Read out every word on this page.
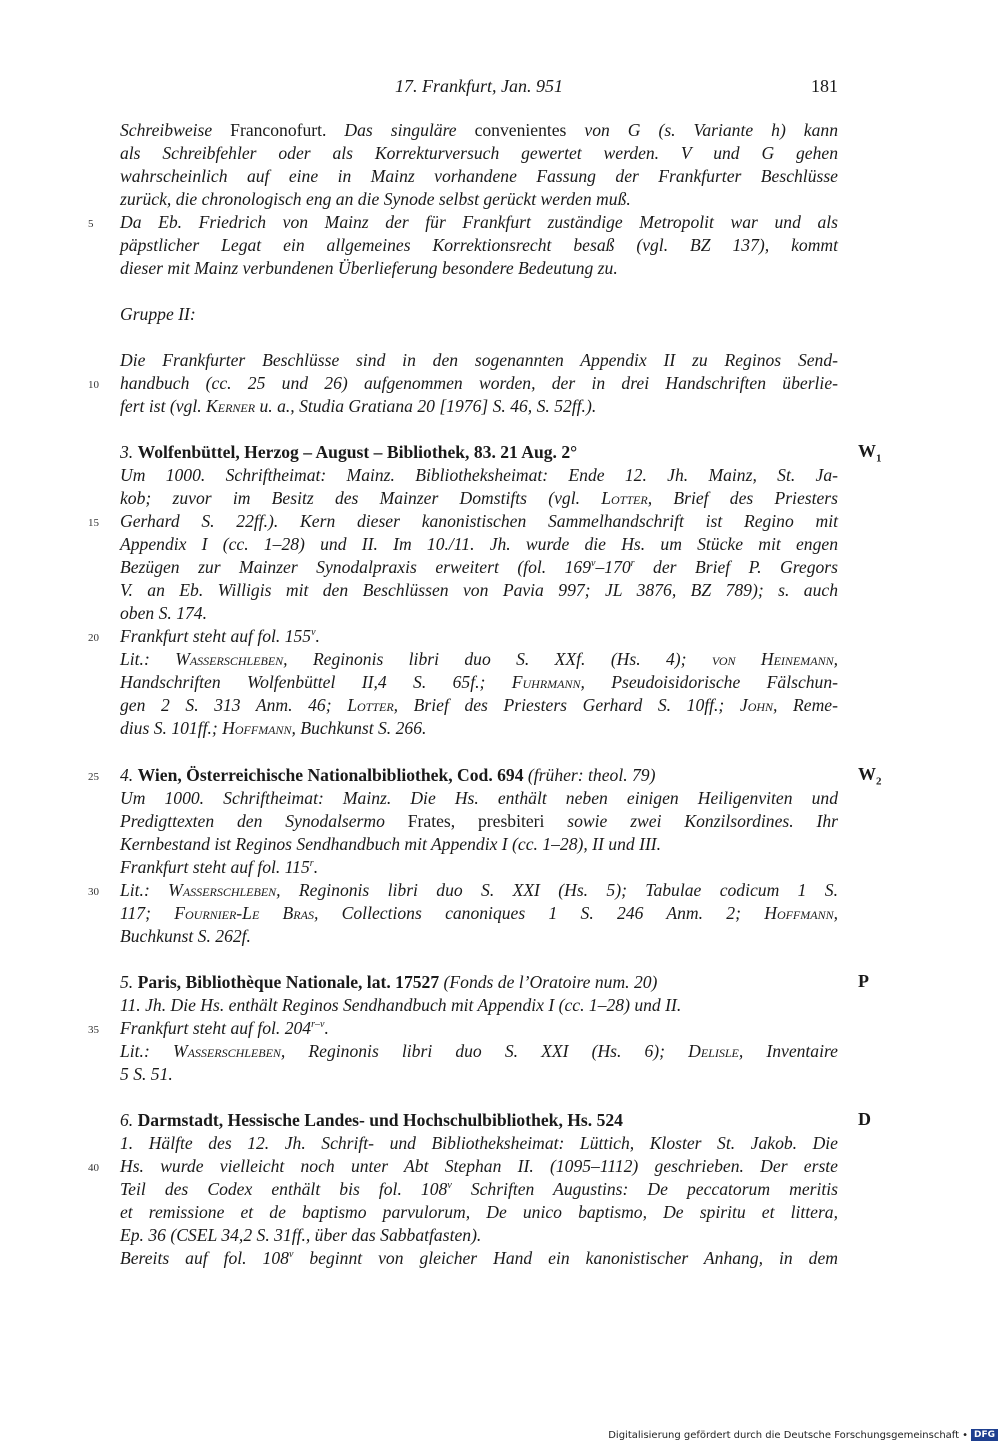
17. Frankfurt, Jan. 951	181
Schreibweise Franconofurt. Das singuläre convenientes von G (s. Variante h) kann
als Schreibfehler oder als Korrekturversuch gewertet werden. V und G gehen
wahrscheinlich auf eine in Mainz vorhandene Fassung der Frankfurter Beschlüsse
zurück, die chronologisch eng an die Synode selbst gerückt werden muß.
5 Da Eb. Friedrich von Mainz der für Frankfurt zuständige Metropolit war und als
päpstlicher Legat ein allgemeines Korrektionsrecht besaß (vgl. BZ 137), kommt
dieser mit Mainz verbundenen Überlieferung besondere Bedeutung zu.
Gruppe II:
Die Frankfurter Beschlüsse sind in den sogenannten Appendix II zu Reginos Send-
10 handbuch (cc. 25 und 26) aufgenommen worden, der in drei Handschriften überlie-
fert ist (vgl. Kerner u. a., Studia Gratiana 20 [1976] S. 46, S. 52ff.).
3. Wolfenbüttel, Herzog – August – Bibliothek, 83. 21 Aug. 2°	$W_1$
Um 1000. Schriftheimat: Mainz. Bibliotheksheimat: Ende 12. Jh. Mainz, St. Ja-
kob; zuvor im Besitz des Mainzer Domstifts (vgl. Lotter, Brief des Priesters
15 Gerhard S. 22ff.). Kern dieser kanonistischen Sammelhandschrift ist Regino mit
Appendix I (cc. 1–28) und II. Im 10./11. Jh. wurde die Hs. um Stücke mit engen
Bezügen zur Mainzer Synodalpraxis erweitert (fol. 169$^v$–170$^r$ der Brief P. Gregors
V. an Eb. Willigis mit den Beschlüssen von Pavia 997; JL 3876, BZ 789); s. auch
oben S. 174.
20 Frankfurt steht auf fol. 155$^v$.
Lit.: Wasserschleben, Reginonis libri duo S. XXf. (Hs. 4); von Heinemann,
Handschriften Wolfenbüttel II,4 S. 65f.; Fuhrmann, Pseudoisidorische Fälschun-
gen 2 S. 313 Anm. 46; Lotter, Brief des Priesters Gerhard S. 10ff.; John, Reme-
dius S. 101ff.; Hoffmann, Buchkunst S. 266.
25 4. Wien, Österreichische Nationalbibliothek, Cod. 694 (früher: theol. 79)	$W_2$
Um 1000. Schriftheimat: Mainz. Die Hs. enthält neben einigen Heiligenviten und
Predigttexten den Synodalsermo Frates, presbiteri sowie zwei Konzilsordines. Ihr
Kernbestand ist Reginos Sendhandbuch mit Appendix I (cc. 1–28), II und III.
Frankfurt steht auf fol. 115$^r$.
30 Lit.: Wasserschleben, Reginonis libri duo S. XXI (Hs. 5); Tabulae codicum 1 S.
117; Fournier-Le Bras, Collections canoniques 1 S. 246 Anm. 2; Hoffmann,
Buchkunst S. 262f.
5. Paris, Bibliothèque Nationale, lat. 17527 (Fonds de l’Oratoire num. 20)	P
11. Jh. Die Hs. enthält Reginos Sendhandbuch mit Appendix I (cc. 1–28) und II.
35 Frankfurt steht auf fol. 204$^{r-v}$.
Lit.: Wasserschleben, Reginonis libri duo S. XXI (Hs. 6); Delisle, Inventaire
5 S. 51.
6. Darmstadt, Hessische Landes- und Hochschulbibliothek, Hs. 524	D
1. Hälfte des 12. Jh. Schrift- und Bibliotheksheimat: Lüttich, Kloster St. Jakob. Die
40 Hs. wurde vielleicht noch unter Abt Stephan II. (1095–1112) geschrieben. Der erste
Teil des Codex enthält bis fol. 108$^v$ Schriften Augustins: De peccatorum meritis
et remissione et de baptismo parvulorum, De unico baptismo, De spiritu et littera,
Ep. 36 (CSEL 34,2 S. 31ff., über das Sabbatfasten).
Bereits auf fol. 108$^v$ beginnt von gleicher Hand ein kanonistischer Anhang, in dem
Digitalisierung gefördert durch die Deutsche Forschungsgemeinschaft • DFG
